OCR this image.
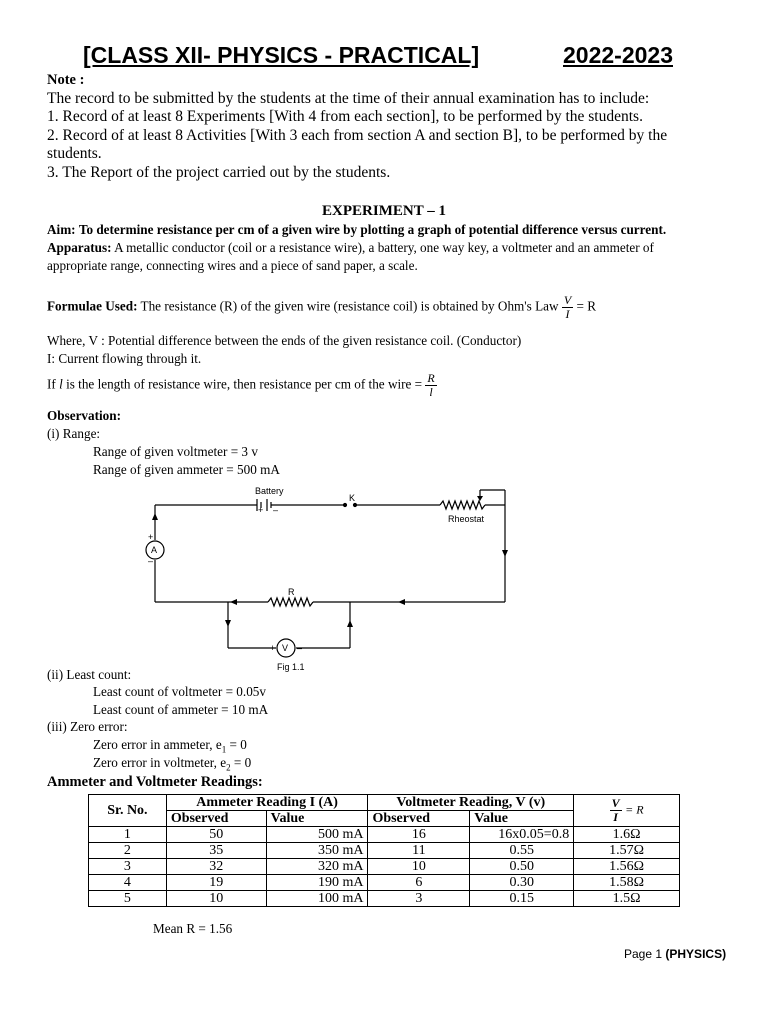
[CLASS XII- PHYSICS - PRACTICAL]	2022-2023
Note :
The record to be submitted by the students at the time of their annual examination has to include:
1. Record of at least 8 Experiments [With 4 from each section], to be performed by the students.
2. Record of at least 8 Activities [With 3 each from section A and section B], to be performed by the
students.
3. The Report of the project carried out by the students.
EXPERIMENT – 1
Aim: To determine resistance per cm of a given wire by plotting a graph of potential difference versus current.
Apparatus: A metallic conductor (coil or a resistance wire), a battery, one way key, a voltmeter and an ammeter of
appropriate range, connecting wires and a piece of sand paper, a scale.
Formulae Used: The resistance (R) of the given wire (resistance coil) is obtained by Ohm's Law $\frac{V}{I} = R$
Where, V : Potential difference between the ends of the given resistance coil. (Conductor)
I: Current flowing through it.
If l is the length of resistance wire, then resistance per cm of the wire = $\frac{R}{l}$
Observation:
(i) Range:
Range of given voltmeter = 3 v
Range of given ammeter = 500 mA
Battery
K
Rheostat
R
A
V
Fig 1.1
+
–
+ –
+ –
(ii) Least count:
Least count of voltmeter = 0.05v
Least count of ammeter = 10 mA
(iii) Zero error:
Zero error in ammeter, $e_1 = 0$
Zero error in voltmeter, $e_2 = 0$
Ammeter and Voltmeter Readings:
Sr. No.	Ammeter Reading I (A)		Voltmeter Reading, V (v)		$\frac{V}{I} = R$
	Observed	Value	Observed	Value	
1	50	500 mA	16	16x0.05=0.8	1.6Ω
2	35	350 mA	11	0.55	1.57Ω
3	32	320 mA	10	0.50	1.56Ω
4	19	190 mA	6	0.30	1.58Ω
5	10	100 mA	3	0.15	1.5Ω
Mean R = 1.56
Page 1 (PHYSICS)
